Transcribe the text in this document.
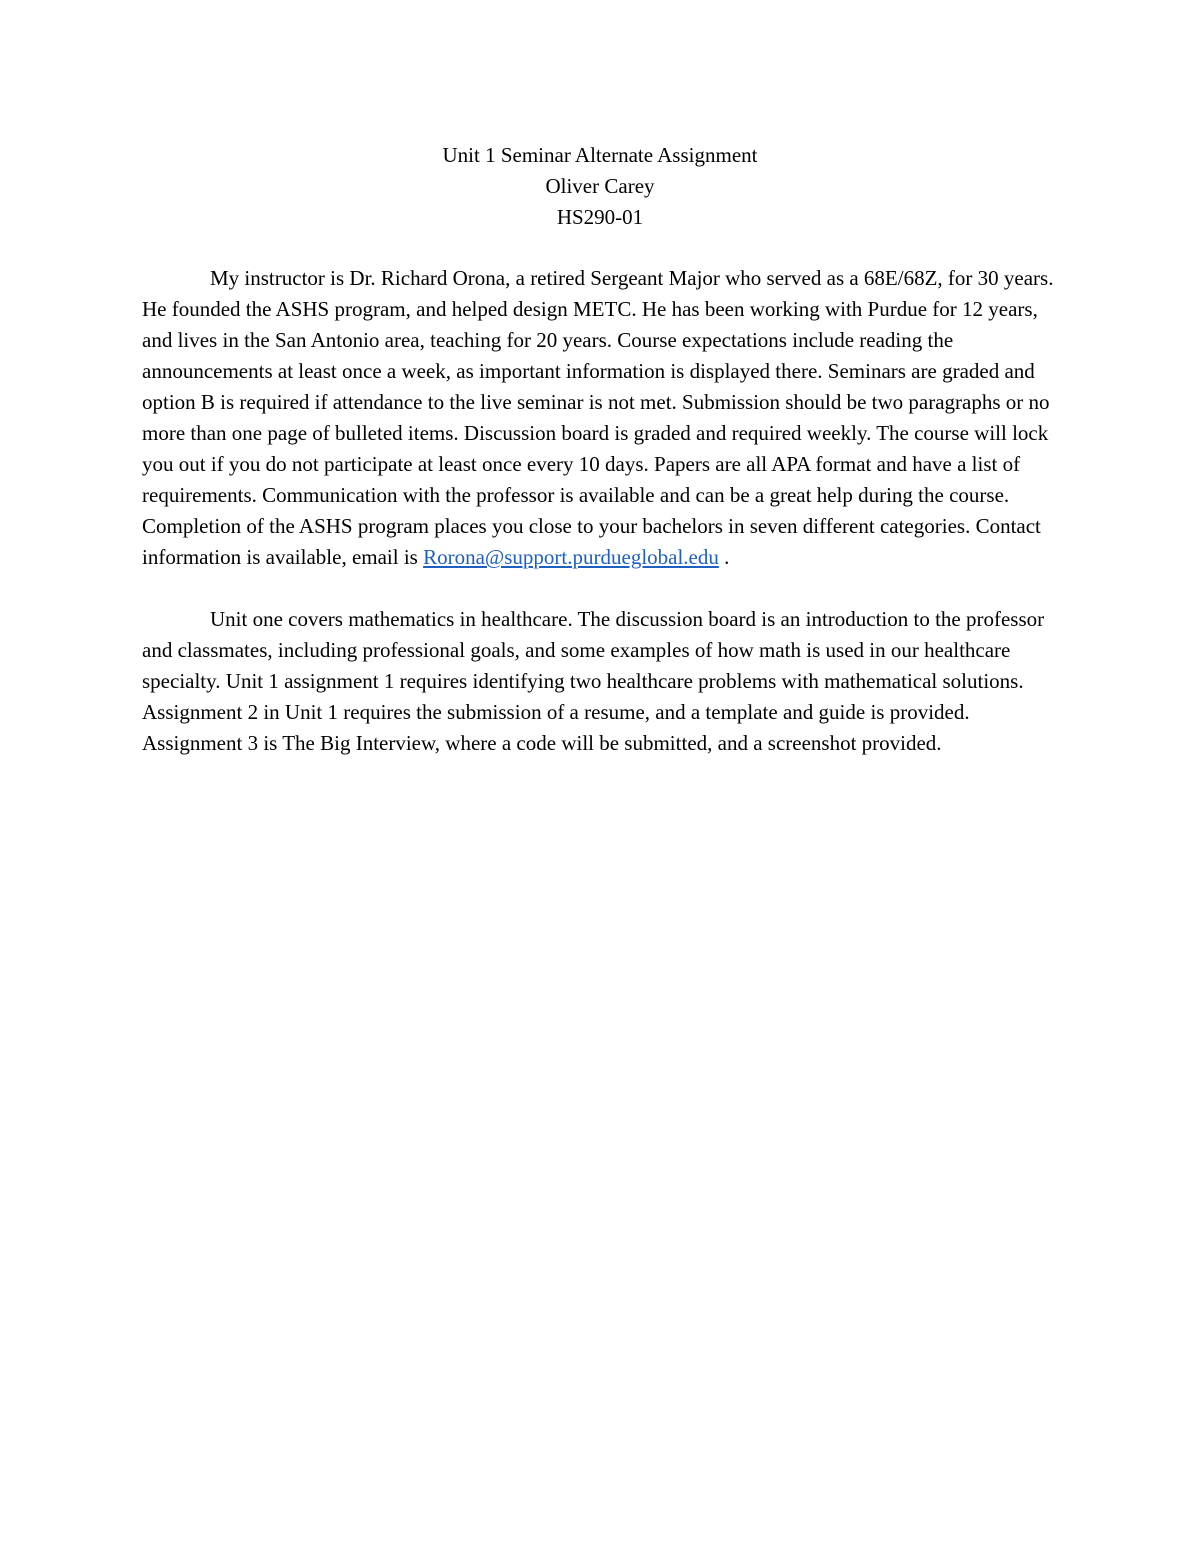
Unit 1 Seminar Alternate Assignment
Oliver Carey
HS290-01

My instructor is Dr. Richard Orona, a retired Sergeant Major who served as a 68E/68Z, for 30 years. He founded the ASHS program, and helped design METC. He has been working with Purdue for 12 years, and lives in the San Antonio area, teaching for 20 years. Course expectations include reading the announcements at least once a week, as important information is displayed there. Seminars are graded and option B is required if attendance to the live seminar is not met. Submission should be two paragraphs or no more than one page of bulleted items. Discussion board is graded and required weekly. The course will lock you out if you do not participate at least once every 10 days. Papers are all APA format and have a list of requirements. Communication with the professor is available and can be a great help during the course. Completion of the ASHS program places you close to your bachelors in seven different categories. Contact information is available, email is Rorona@support.purdueglobal.edu .

Unit one covers mathematics in healthcare. The discussion board is an introduction to the professor and classmates, including professional goals, and some examples of how math is used in our healthcare specialty. Unit 1 assignment 1 requires identifying two healthcare problems with mathematical solutions. Assignment 2 in Unit 1 requires the submission of a resume, and a template and guide is provided. Assignment 3 is The Big Interview, where a code will be submitted, and a screenshot provided.
